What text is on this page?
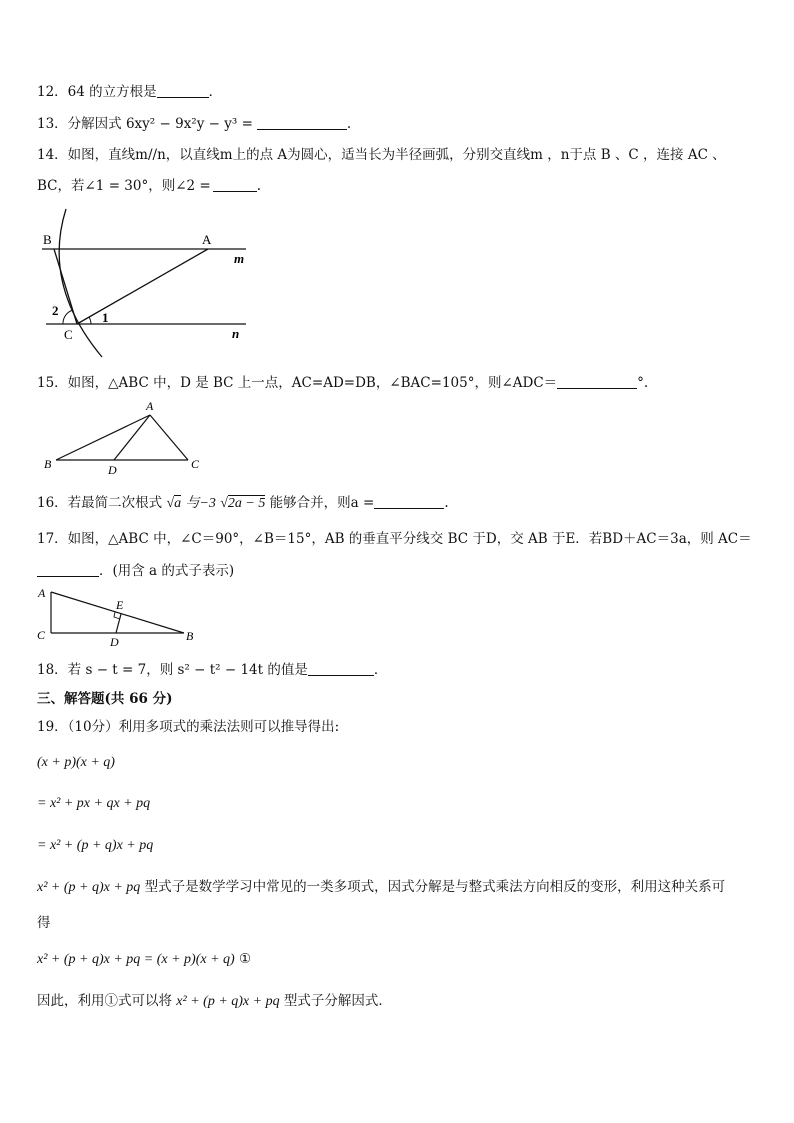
12．64 的立方根是	．
13．分解因式 6xy² − 9x²y − y³ =	.
14．如图，直线m//n，以直线m上的点 A为圆心，适当长为半径画弧，分别交直线m ，n于点 B 、C ，连接 AC 、
BC，若∠1 = 30°，则∠2 =	.
B	A
m
n
C
1
2
15．如图，△ABC 中，D 是 BC 上一点，AC=AD=DB，∠BAC=105°，则∠ADC＝	°.
A
B	C
D
16．若最简二次根式 √a 与−3 √2a − 5 能够合并，则a =	.
17．如图，△ABC 中，∠C＝90°，∠B＝15°，AB 的垂直平分线交 BC 于D，交 AB 于E．若BD＋AC＝3a，则 AC＝
．(用含 a 的式子表示)
A
E
C	D	B
18．若 s − t = 7，则 s² − t² − 14t 的值是	．
三、解答题(共 66 分)
19．（10分）利用多项式的乘法法则可以推导得出:
(x + p)(x + q)
= x² + px + qx + pq
= x² + (p + q)x + pq
x² + (p + q)x + pq 型式子是数学学习中常见的一类多项式，因式分解是与整式乘法方向相反的变形，利用这种关系可
得
x² + (p + q)x + pq = (x + p)(x + q) ①
因此，利用①式可以将 x² + (p + q)x + pq 型式子分解因式．
